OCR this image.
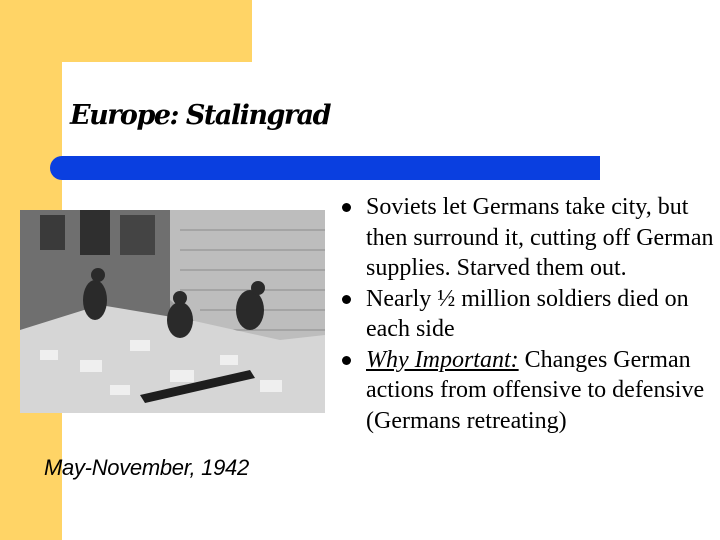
Europe: Stalingrad
May-November, 1942
Soviets let Germans take city, but then surround it, cutting off German supplies. Starved them out.
Nearly ½ million soldiers died on each side
Why Important: Changes German actions from offensive to defensive (Germans retreating)
